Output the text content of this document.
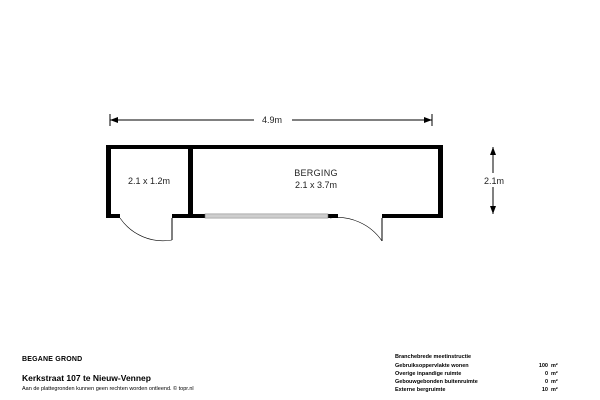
4.9m
2.1m
2.1 x 1.2m
BERGING
2.1 x 3.7m
BEGANE GROND
Kerkstraat 107 te Nieuw-Vennep
Aan de plattegronden kunnen geen rechten worden ontleend. © topr.nl
Branchebrede meetinstructie
Gebruiksoppervlakte wonen	100 m²
Overige inpandige ruimte	0 m²
Gebouwgebonden buitenruimte	0 m²
Externe bergruimte	10 m²
